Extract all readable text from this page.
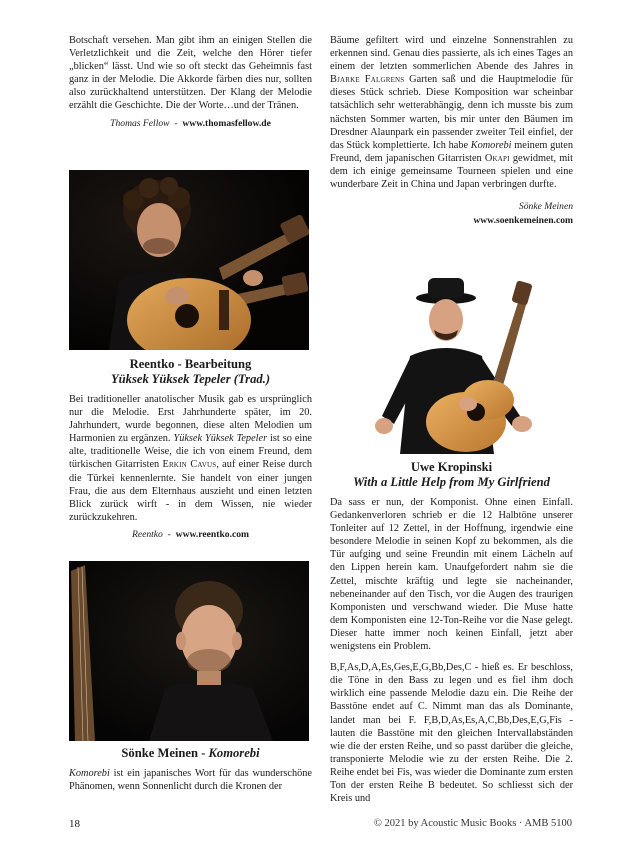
Botschaft versehen. Man gibt ihm an einigen Stellen die Verletzlichkeit und die Zeit, welche den Hörer tiefer „blicken“ lässt. Und wie so oft steckt das Geheimnis fast ganz in der Melodie. Die Akkorde färben dies nur, sollten also zurückhaltend unterstützen. Der Klang der Melodie erzählt die Geschichte. Die der Worte…und der Tränen.

Thomas Fellow - www.thomasfellow.de
Reentko - Bearbeitung
Yüksek Yüksek Tepeler (Trad.)

Bei traditioneller anatolischer Musik gab es ursprünglich nur die Melodie. Erst Jahrhunderte später, im 20. Jahrhundert, wurde begonnen, diese alten Melodien um Harmonien zu ergänzen. Yüksek Yüksek Tepeler ist so eine alte, traditionelle Weise, die ich von einem Freund, dem türkischen Gitarristen Erkin Cavus, auf einer Reise durch die Türkei kennenlernte. Sie handelt von einer jungen Frau, die aus dem Elternhaus auszieht und einen letzten Blick zurück wirft - in dem Wissen, nie wieder zurückzukehren.

Reentko - www.reentko.com
Sönke Meinen - Komorebi

Komorebi ist ein japanisches Wort für das wunderschöne Phänomen, wenn Sonnenlicht durch die Kronen der

Bäume gefiltert wird und einzelne Sonnenstrahlen zu erkennen sind. Genau dies passierte, als ich eines Tages an einem der letzten sommerlichen Abende des Jahres in Bjarke Falgrens Garten saß und die Hauptmelodie für dieses Stück schrieb. Diese Komposition war scheinbar tatsächlich sehr wetterabhängig, denn ich musste bis zum nächsten Sommer warten, bis mir unter den Bäumen im Dresdner Alaunpark ein passender zweiter Teil einfiel, der das Stück komplettierte. Ich habe Komorebi meinem guten Freund, dem japanischen Gitarristen Okapi gewidmet, mit dem ich einige gemeinsame Tourneen spielen und eine wunderbare Zeit in China und Japan verbringen durfte.

Sönke Meinen
www.soenkemeinen.com
Uwe Kropinski
With a Little Help from My Girlfriend

Da sass er nun, der Komponist. Ohne einen Einfall. Gedankenverloren schrieb er die 12 Halbtöne unserer Tonleiter auf 12 Zettel, in der Hoffnung, irgendwie eine besondere Melodie in seinen Kopf zu bekommen, als die Tür aufging und seine Freundin mit einem Lächeln auf den Lippen herein kam. Unaufgefordert nahm sie die Zettel, mischte kräftig und legte sie nacheinander, nebeneinander auf den Tisch, vor die Augen des traurigen Komponisten und verschwand wieder. Die Muse hatte dem Komponisten eine 12-Ton-Reihe vor die Nase gelegt. Dieser hatte immer noch keinen Einfall, jetzt aber wenigstens ein Problem.

B,F,As,D,A,Es,Ges,E,G,Bb,Des,C - hieß es. Er beschloss, die Töne in den Bass zu legen und es fiel ihm doch wirklich eine passende Melodie dazu ein. Die Reihe der Basstöne endet auf C. Nimmt man das als Dominante, landet man bei F. F,B,D,As,Es,A,C,Bb,Des,E,G,Fis - lauten die Basstöne mit den gleichen Intervallabständen wie die der ersten Reihe, und so passt darüber die gleiche, transponierte Melodie wie zu der ersten Reihe. Die 2. Reihe endet bei Fis, was wieder die Dominante zum ersten Ton der ersten Reihe B bedeutet. So schliesst sich der Kreis und

18	© 2021 by Acoustic Music Books · AMB 5100
